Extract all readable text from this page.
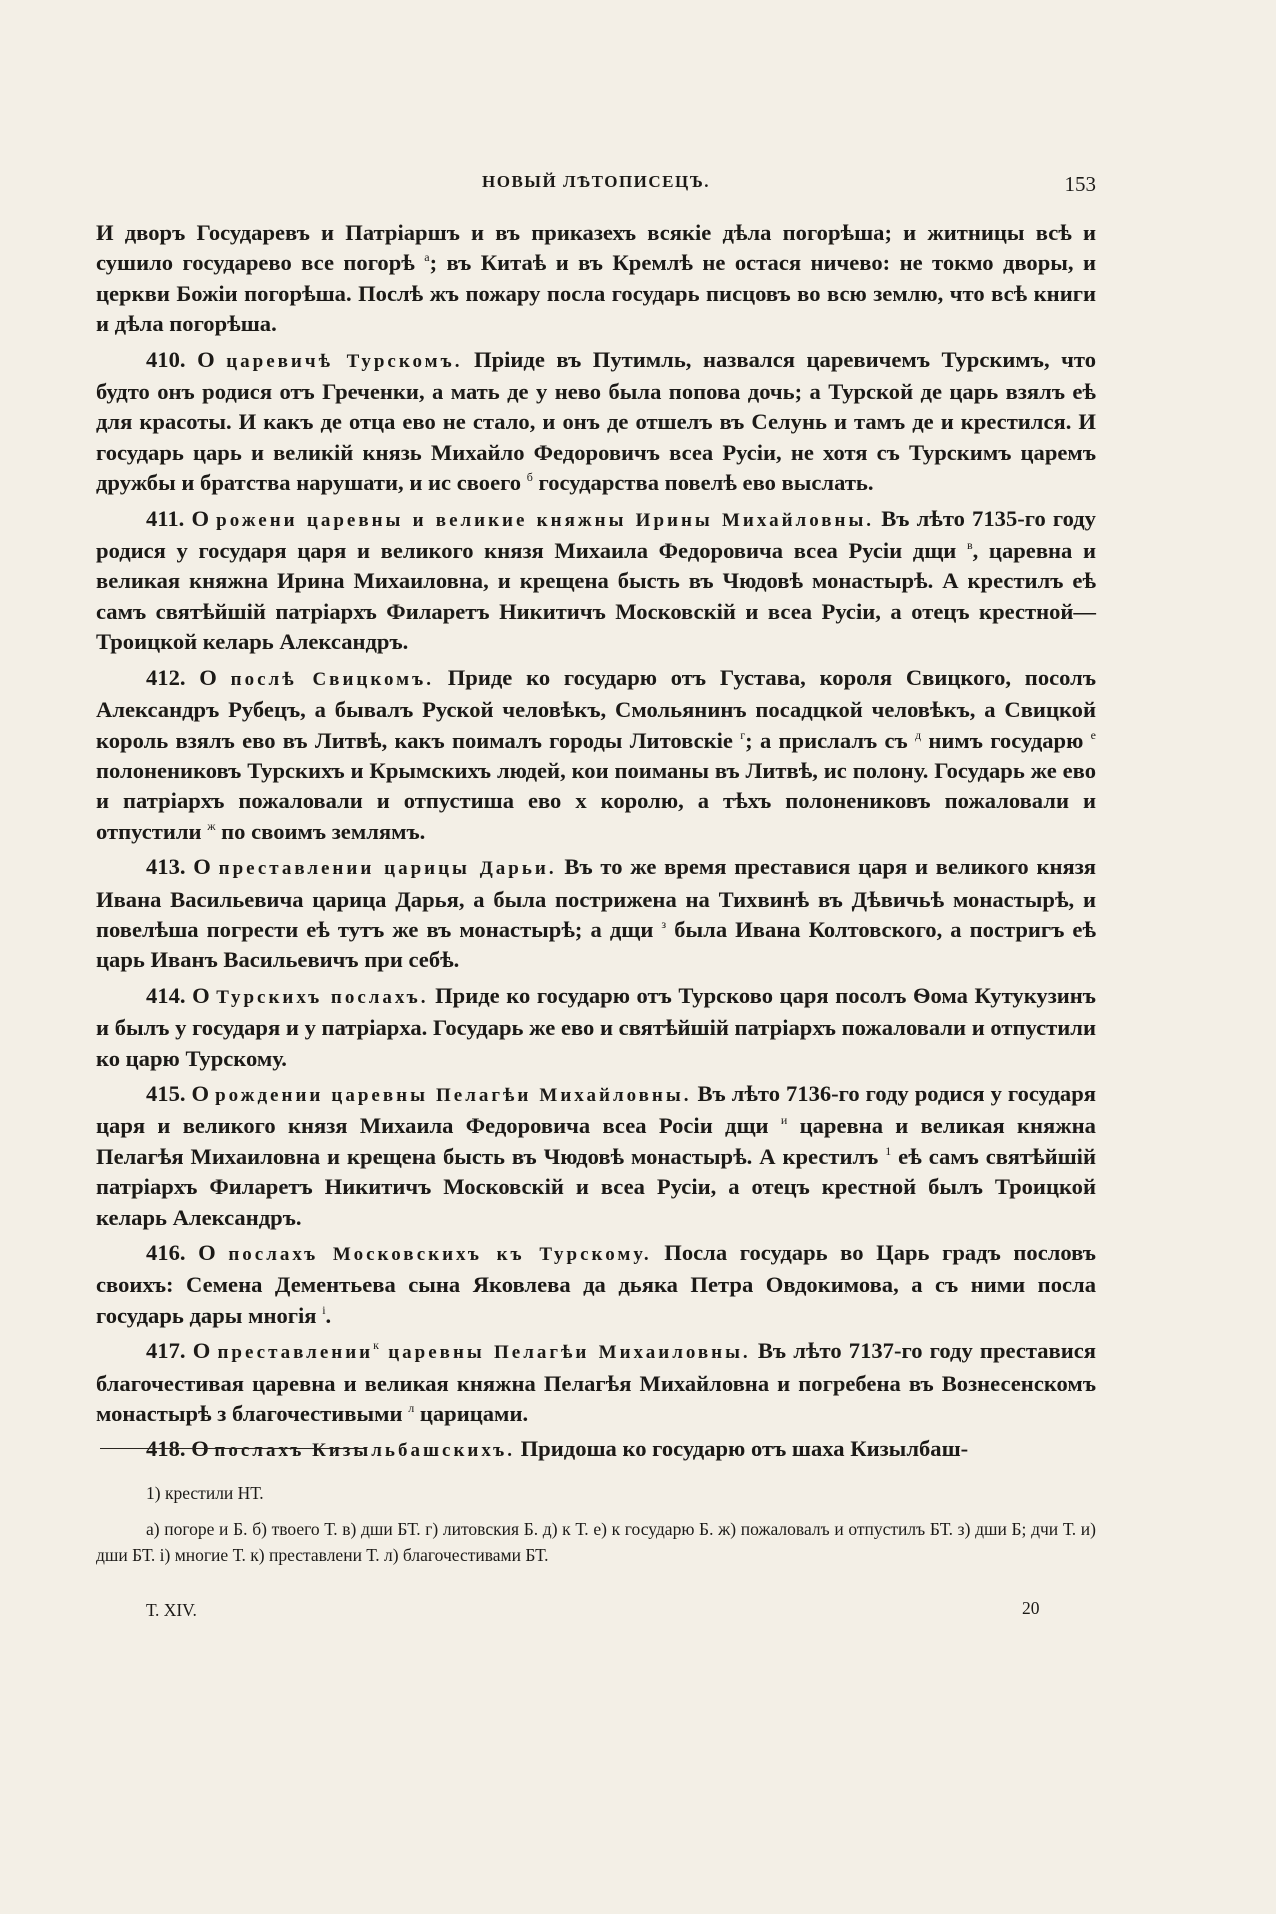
НОВЫЙ ЛѢТОПИСЕЦЪ.	153

И дворъ Государевъ и Патріаршъ и въ приказехъ всякіе дѣла погорѣша; и житницы всѣ и сушило государево все погорѣ $^а$; въ Китаѣ и въ Кремлѣ не остася ничево: не токмо дворы, и церкви Божіи погорѣша. Послѣ жъ пожару посла государь писцовъ во всю землю, что всѣ книги и дѣла погорѣша.

410. О царевичѣ Турскомъ. Пріиде въ Путимль, назвался царевичемъ Турскимъ, что будто онъ родися отъ Греченки, а мать де у нево была попова дочь; а Турской де царь взялъ еѣ для красоты. И какъ де отца ево не стало, и онъ де отшелъ въ Селунь и тамъ де и крестился. И государь царь и великій князь Михайло Федоровичъ всеа Русіи, не хотя съ Турскимъ царемъ дружбы и братства нарушати, и ис своего $^б$ государства повелѣ ево выслать.

411. О рожени царевны и великие княжны Ирины Михайловны. Въ лѣто 7135-го году родися у государя царя и великого князя Михаила Федоровича всеа Русіи дщи $^в$, царевна и великая княжна Ирина Михаиловна, и крещена бысть въ Чюдовѣ монастырѣ. А крестилъ еѣ самъ святѣйшій патріархъ Филаретъ Никитичъ Московскій и всеа Русіи, а отецъ крестной—Троицкой келарь Александръ.

412. О послѣ Свицкомъ. Приде ко государю отъ Густава, короля Свицкого, посолъ Александръ Рубецъ, а бывалъ Руской человѣкъ, Смольянинъ посадцкой человѣкъ, а Свицкой король взялъ ево въ Литвѣ, какъ поималъ городы Литовскіе $^г$; а прислалъ съ $^д$ нимъ государю $^е$ полонениковъ Турскихъ и Крымскихъ людей, кои поиманы въ Литвѣ, ис полону. Государь же ево и патріархъ пожаловали и отпустиша ево х королю, а тѣхъ полонениковъ пожаловали и отпустили $^ж$ по своимъ землямъ.

413. О преставлении царицы Дарьи. Въ то же время преставися царя и великого князя Ивана Васильевича царица Дарья, а была пострижена на Тихвинѣ въ Дѣвичьѣ монастырѣ, и повелѣша погрести еѣ тутъ же въ монастырѣ; а дщи $^з$ была Ивана Колтовского, а постригъ еѣ царь Иванъ Васильевичъ при себѣ.

414. О Турскихъ послахъ. Приде ко государю отъ Турсково царя посолъ Ѳома Кутукузинъ и былъ у государя и у патріарха. Государь же ево и святѣйшій патріархъ пожаловали и отпустили ко царю Турскому.

415. О рождении царевны Пелагѣи Михайловны. Въ лѣто 7136-го году родися у государя царя и великого князя Михаила Федоровича всеа Росіи дщи $^и$ царевна и великая княжна Пелагѣя Михаиловна и крещена бысть въ Чюдовѣ монастырѣ. А крестилъ $^1$ еѣ самъ святѣйшій патріархъ Филаретъ Никитичъ Московскій и всеа Русіи, а отецъ крестной былъ Троицкой келарь Александръ.

416. О послахъ Московскихъ къ Турскому. Посла государь во Царь градъ пословъ своихъ: Семена Дементьева сына Яковлева да дьяка Петра Овдокимова, а съ ними посла государь дары многія $^і$.

417. О преставлении$^к$ царевны Пелагѣи Михаиловны. Въ лѣто 7137-го году преставися благочестивая царевна и великая княжна Пелагѣя Михайловна и погребена въ Вознесенскомъ монастырѣ з благочестивыми $^л$ царицами.

418. О послахъ Кизыльбашскихъ. Придоша ко государю отъ шаха Кизылбаш-

1) крестили НТ.

а) погоре и Б. б) твоего Т. в) дши БТ. г) литовския Б. д) к Т. е) к государю Б. ж) пожаловалъ и отпустилъ БТ. з) дши Б; дчи Т. и) дши БТ. і) многие Т. к) преставлени Т. л) благочестивами БТ.

Т. XIV.	20
